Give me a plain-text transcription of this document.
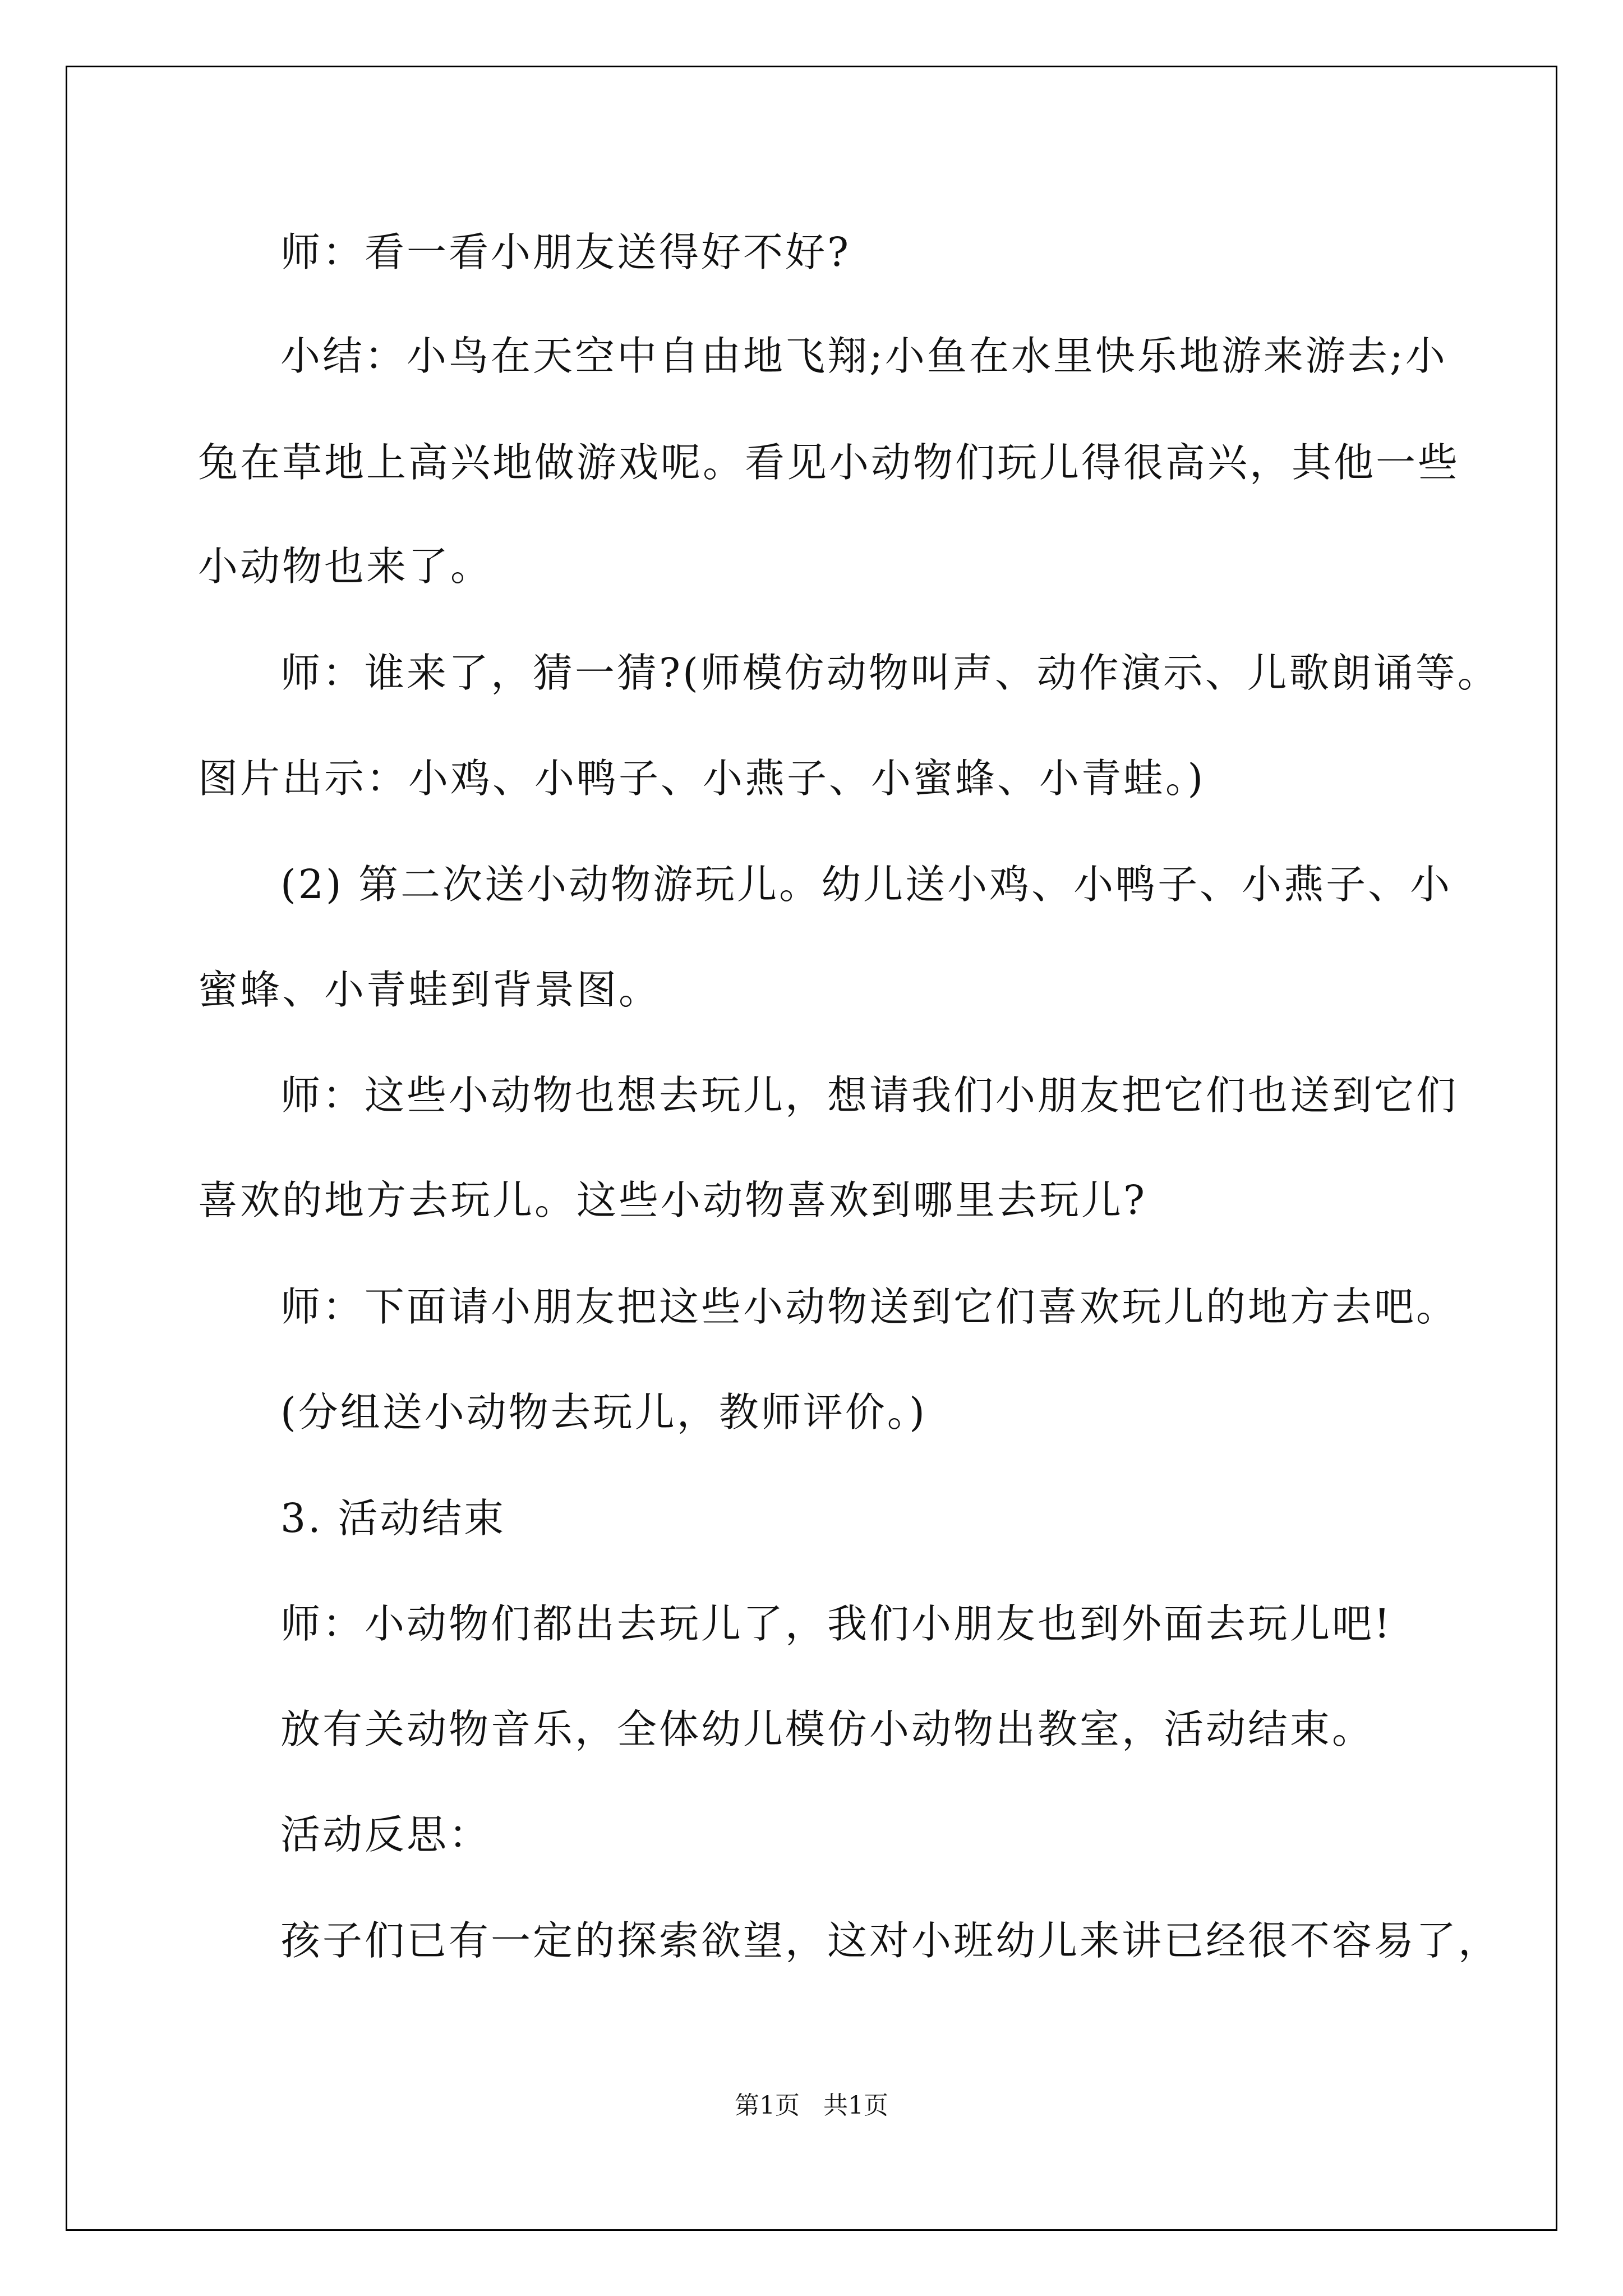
师：看一看小朋友送得好不好?

小结：小鸟在天空中自由地飞翔;小鱼在水里快乐地游来游去;小

兔在草地上高兴地做游戏呢。看见小动物们玩儿得很高兴，其他一些

小动物也来了。

师：谁来了，猜一猜?(师模仿动物叫声、动作演示、儿歌朗诵等。

图片出示：小鸡、小鸭子、小燕子、小蜜蜂、小青蛙。)

(2) 第二次送小动物游玩儿。幼儿送小鸡、小鸭子、小燕子、小

蜜蜂、小青蛙到背景图。

师：这些小动物也想去玩儿，想请我们小朋友把它们也送到它们

喜欢的地方去玩儿。这些小动物喜欢到哪里去玩儿?

师：下面请小朋友把这些小动物送到它们喜欢玩儿的地方去吧。

(分组送小动物去玩儿，教师评价。)

3. 活动结束

师：小动物们都出去玩儿了，我们小朋友也到外面去玩儿吧!

放有关动物音乐，全体幼儿模仿小动物出教室，活动结束。

活动反思：

孩子们已有一定的探索欲望，这对小班幼儿来讲已经很不容易了，

第1页   共1页
